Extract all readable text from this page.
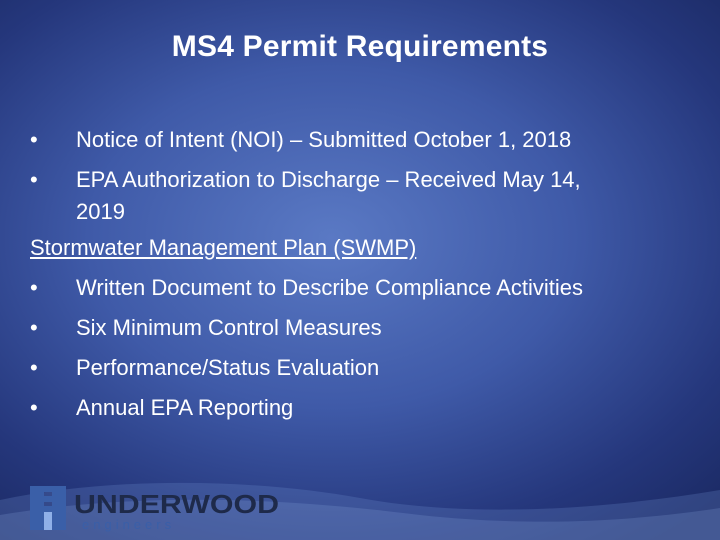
MS4 Permit Requirements
•	Notice of Intent (NOI) – Submitted October 1, 2018
•	EPA Authorization to Discharge – Received May 14,
2019
Stormwater Management Plan (SWMP)
•	Written Document to Describe Compliance Activities
•	Six Minimum Control Measures
•	Performance/Status Evaluation
•	Annual EPA Reporting
UNDERWOOD
engineers
